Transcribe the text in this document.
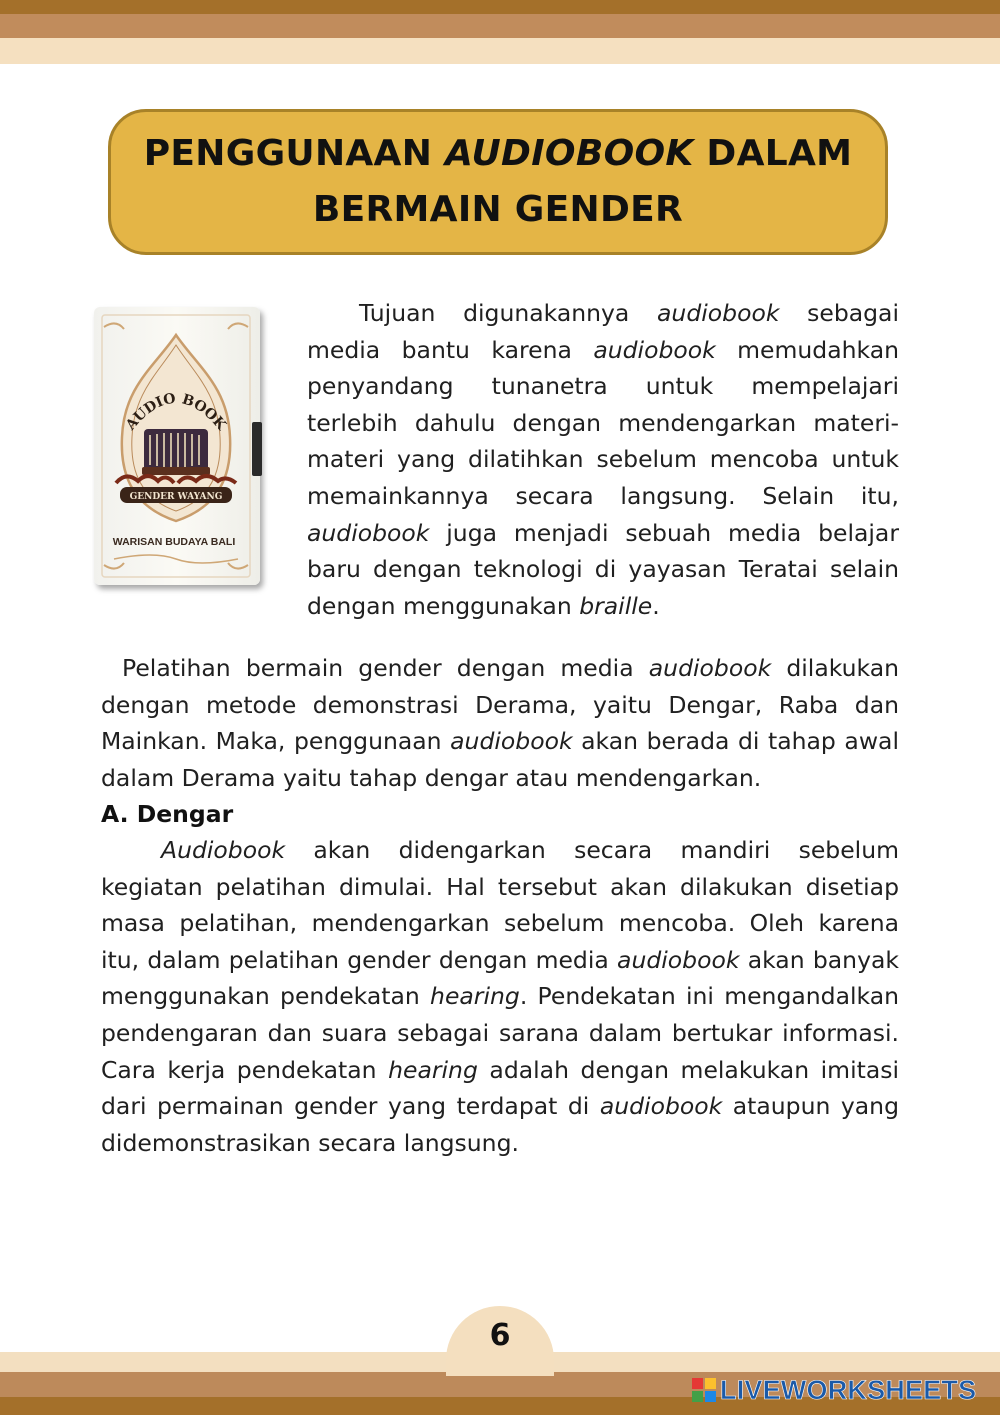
PENGGUNAAN AUDIOBOOK DALAM
BERMAIN GENDER
AUDIO BOOK
GENDER WAYANG
WARISAN BUDAYA BALI

Tujuan digunakannya audiobook sebagai media bantu karena audiobook memudahkan penyandang tunanetra untuk mempelajari terlebih dahulu dengan mendengarkan materi-materi yang dilatihkan sebelum mencoba untuk memainkannya secara langsung. Selain itu, audiobook juga menjadi sebuah media belajar baru dengan teknologi di yayasan Teratai selain dengan menggunakan braille.

Pelatihan bermain gender dengan media audiobook dilakukan dengan metode demonstrasi Derama, yaitu Dengar, Raba dan Mainkan. Maka, penggunaan audiobook akan berada di tahap awal dalam Derama yaitu tahap dengar atau mendengarkan.

A. Dengar

Audiobook akan didengarkan secara mandiri sebelum kegiatan pelatihan dimulai. Hal tersebut akan dilakukan disetiap masa pelatihan, mendengarkan sebelum mencoba. Oleh karena itu, dalam pelatihan gender dengan media audiobook akan banyak menggunakan pendekatan hearing. Pendekatan ini mengandalkan pendengaran dan suara sebagai sarana dalam bertukar informasi. Cara kerja pendekatan hearing adalah dengan melakukan imitasi dari permainan gender yang terdapat di audiobook ataupun yang didemonstrasikan secara langsung.

6
LIVEWORKSHEETS
